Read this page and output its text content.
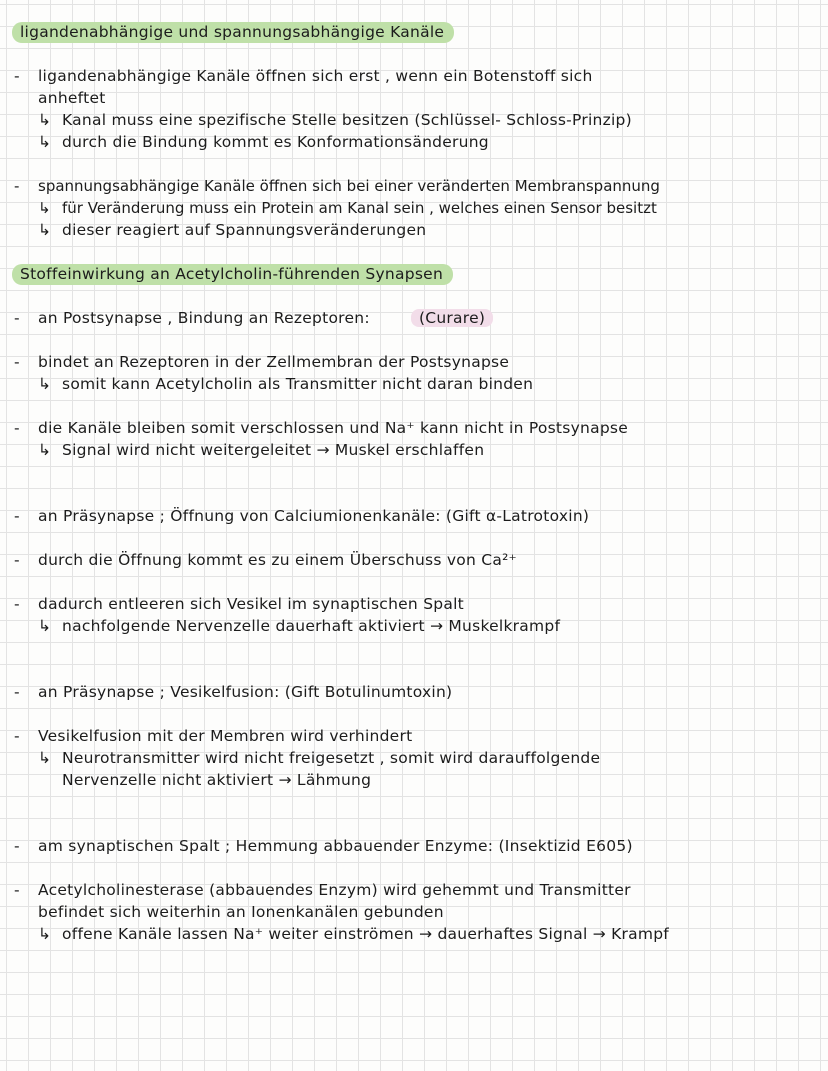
ligandenabhängige und spannungsabhängige Kanäle
- ligandenabhängige Kanäle öffnen sich erst , wenn ein Botenstoff sich
anheftet
↳ Kanal muss eine spezifische Stelle besitzen (Schlüssel- Schloss-Prinzip)
↳ durch die Bindung kommt es Konformationsänderung
- spannungsabhängige Kanäle öffnen sich bei einer veränderten Membranspannung
↳ für Veränderung muss ein Protein am Kanal sein , welches einen Sensor besitzt
↳ dieser reagiert auf Spannungsveränderungen
Stoffeinwirkung an Acetylcholin-führenden Synapsen
- an Postsynapse , Bindung an Rezeptoren:	(Curare)
- bindet an Rezeptoren in der Zellmembran der Postsynapse
↳ somit kann Acetylcholin als Transmitter nicht daran binden
- die Kanäle bleiben somit verschlossen und Na⁺ kann nicht in Postsynapse
↳ Signal wird nicht weitergeleitet → Muskel erschlaffen
- an Präsynapse ; Öffnung von Calciumionenkanäle: (Gift α-Latrotoxin)
- durch die Öffnung kommt es zu einem Überschuss von Ca²⁺
- dadurch entleeren sich Vesikel im synaptischen Spalt
↳ nachfolgende Nervenzelle dauerhaft aktiviert → Muskelkrampf
- an Präsynapse ; Vesikelfusion: (Gift Botulinumtoxin)
- Vesikelfusion mit der Membren wird verhindert
↳ Neurotransmitter wird nicht freigesetzt , somit wird darauffolgende
Nervenzelle nicht aktiviert → Lähmung
- am synaptischen Spalt ; Hemmung abbauender Enzyme: (Insektizid E605)
- Acetylcholinesterase (abbauendes Enzym) wird gehemmt und Transmitter
befindet sich weiterhin an Ionenkanälen gebunden
↳ offene Kanäle lassen Na⁺ weiter einströmen → dauerhaftes Signal → Krampf
